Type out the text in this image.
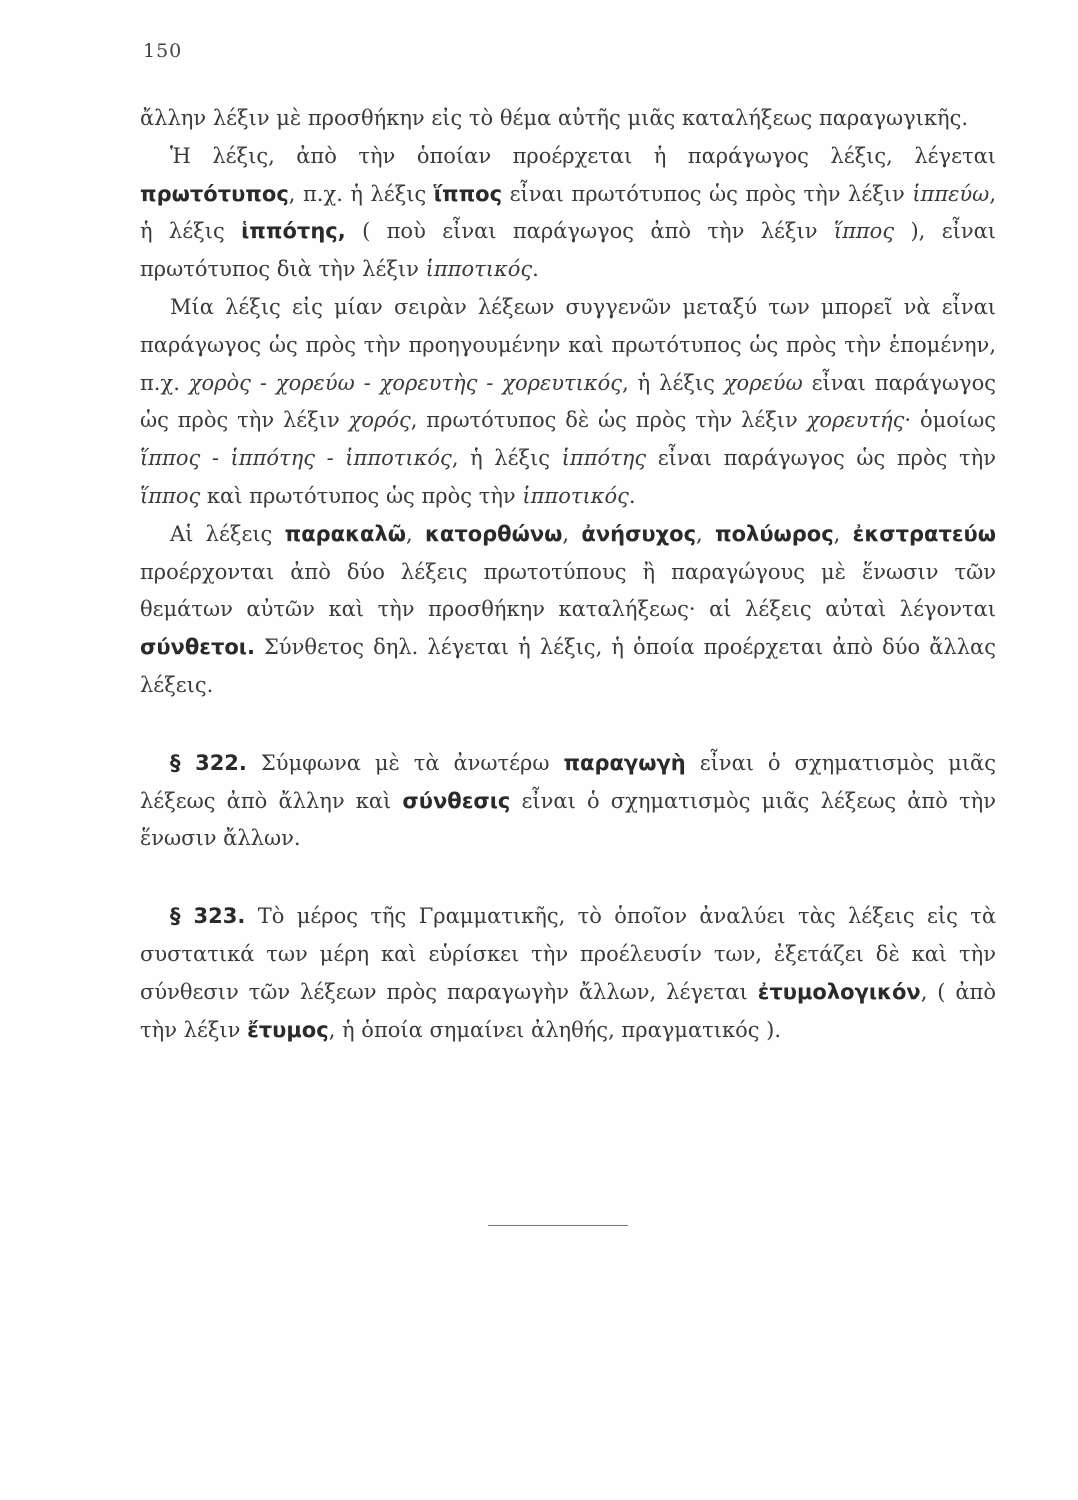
150

ἄλλην λέξιν μὲ προσθήκην εἰς τὸ θέμα αὐτῆς μιᾶς καταλήξεως παραγωγικῆς.

Ἡ λέξις, ἀπὸ τὴν ὁποίαν προέρχεται ἡ παράγωγος λέξις, λέγεται πρωτότυπος, π.χ. ἡ λέξις ἵππος εἶναι πρωτότυπος ὡς πρὸς τὴν λέξιν ἱππεύω, ἡ λέξις ἱππότης, ( ποὺ εἶναι παράγωγος ἀπὸ τὴν λέξιν ἵππος ), εἶναι πρωτότυπος διὰ τὴν λέξιν ἱππoτικός.

Μία λέξις εἰς μίαν σειρὰν λέξεων συγγενῶν μεταξύ των μπορεῖ νὰ εἶναι παράγωγος ὡς πρὸς τὴν προηγουμένην καὶ πρωτότυπος ὡς πρὸς τὴν ἑπομένην, π.χ. χορὸς - χορεύω - χορευτὴς - χορευτικός, ἡ λέξις χορεύω εἶναι παράγωγος ὡς πρὸς τὴν λέξιν χορός, πρωτότυπος δὲ ὡς πρὸς τὴν λέξιν χορευτής· ὁμοίως ἵππος - ἱππότης - ἱππoτικός, ἡ λέξις ἱππότης εἶναι παράγωγος ὡς πρὸς τὴν ἵππος καὶ πρωτότυπος ὡς πρὸς τὴν ἱππoτικός.

Αἱ λέξεις παρακαλῶ, κατορθώνω, ἀνήσυχος, πολύωρος, ἐκστρατεύω προέρχονται ἀπὸ δύο λέξεις πρωτοτύπους ἢ παραγώγους μὲ ἕνωσιν τῶν θεμάτων αὐτῶν καὶ τὴν προσθήκην καταλήξεως· αἱ λέξεις αὐταὶ λέγονται σύνθετοι. Σύνθετος δηλ. λέγεται ἡ λέξις, ἡ ὁποία προέρχεται ἀπὸ δύο ἄλλας λέξεις.

§ 322. Σύμφωνα μὲ τὰ ἀνωτέρω παραγωγὴ εἶναι ὁ σχηματισμὸς μιᾶς λέξεως ἀπὸ ἄλλην καὶ σύνθεσις εἶναι ὁ σχηματισμὸς μιᾶς λέξεως ἀπὸ τὴν ἕνωσιν ἄλλων.

§ 323. Τὸ μέρος τῆς Γραμματικῆς, τὸ ὁποῖον ἀναλύει τὰς λέξεις εἰς τὰ συστατικά των μέρη καὶ εὑρίσκει τὴν προέλευσίν των, ἐξετάζει δὲ καὶ τὴν σύνθεσιν τῶν λέξεων πρὸς παραγωγὴν ἄλλων, λέγεται ἐτυμολογικόν, ( ἀπὸ τὴν λέξιν ἔτυμος, ἡ ὁποία σημαίνει ἀληθής, πραγματικός ).
